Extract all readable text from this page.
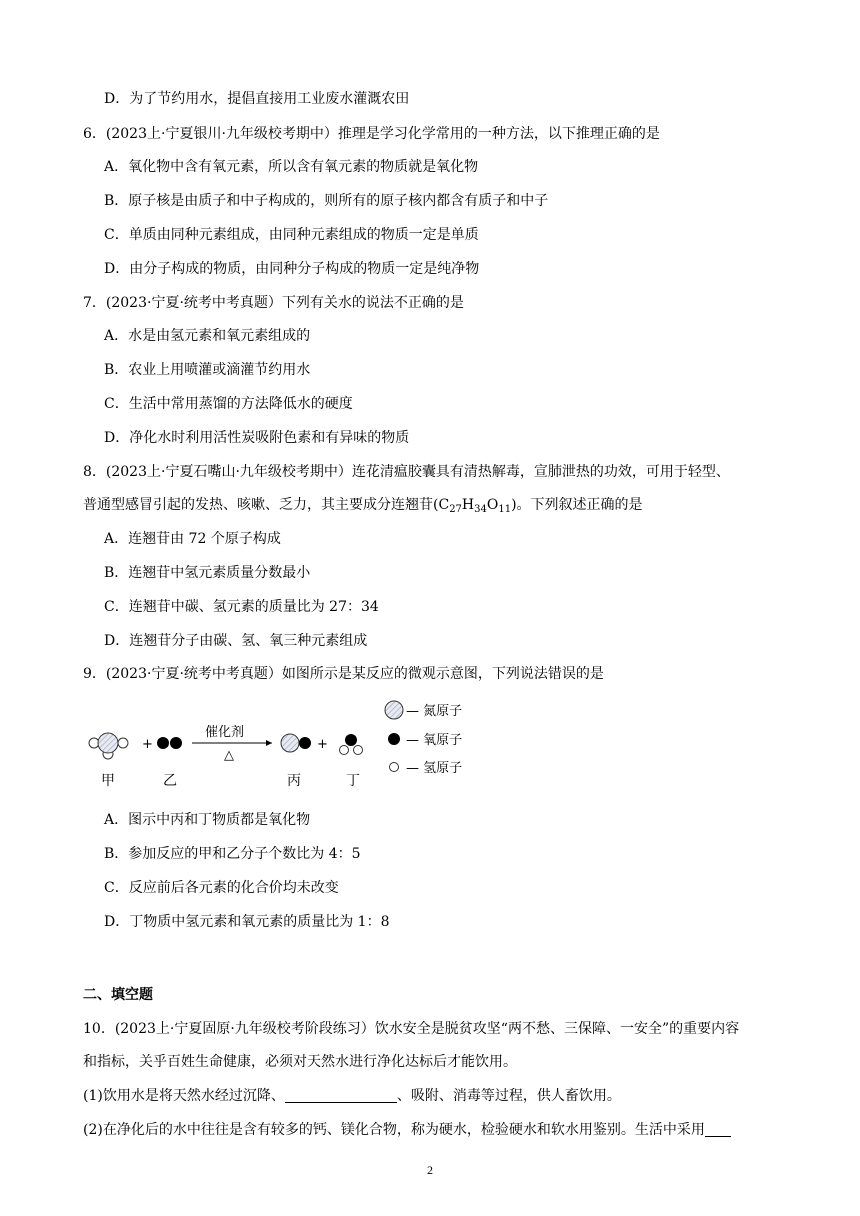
D．为了节约用水，提倡直接用工业废水灌溉农田
6．(2023上·宁夏银川·九年级校考期中）推理是学习化学常用的一种方法，以下推理正确的是
A．氧化物中含有氧元素，所以含有氧元素的物质就是氧化物
B．原子核是由质子和中子构成的，则所有的原子核内都含有质子和中子
C．单质由同种元素组成，由同种元素组成的物质一定是单质
D．由分子构成的物质，由同种分子构成的物质一定是纯净物
7．(2023·宁夏·统考中考真题）下列有关水的说法不正确的是
A．水是由氢元素和氧元素组成的
B．农业上用喷灌或滴灌节约用水
C．生活中常用蒸馏的方法降低水的硬度
D．净化水时利用活性炭吸附色素和有异味的物质
8．(2023上·宁夏石嘴山·九年级校考期中）连花清瘟胶囊具有清热解毒，宣肺泄热的功效，可用于轻型、
普通型感冒引起的发热、咳嗽、乏力，其主要成分连翘苷$(C_{27}H_{34}O_{11})$。下列叙述正确的是
A．连翘苷由 72 个原子构成
B．连翘苷中氢元素质量分数最小
C．连翘苷中碳、氢元素的质量比为 27：34
D．连翘苷分子由碳、氢、氧三种元素组成
9．(2023·宁夏·统考中考真题）如图所示是某反应的微观示意图，下列说法错误的是
+
催化剂
△
+
甲	乙	丙	丁
— 氮原子
— 氧原子
— 氢原子
A．图示中丙和丁物质都是氧化物
B．参加反应的甲和乙分子个数比为 4：5
C．反应前后各元素的化合价均未改变
D．丁物质中氢元素和氧元素的质量比为 1：8
二、填空题
10．(2023上·宁夏固原·九年级校考阶段练习）饮水安全是脱贫攻坚“两不愁、三保障、一安全”的重要内容
和指标，关乎百姓生命健康，必须对天然水进行净化达标后才能饮用。
(1)饮用水是将天然水经过沉降、	、吸附、消毒等过程，供人畜饮用。
(2)在净化后的水中往往是含有较多的钙、镁化合物，称为硬水，检验硬水和软水用鉴别。生活中采用
2
